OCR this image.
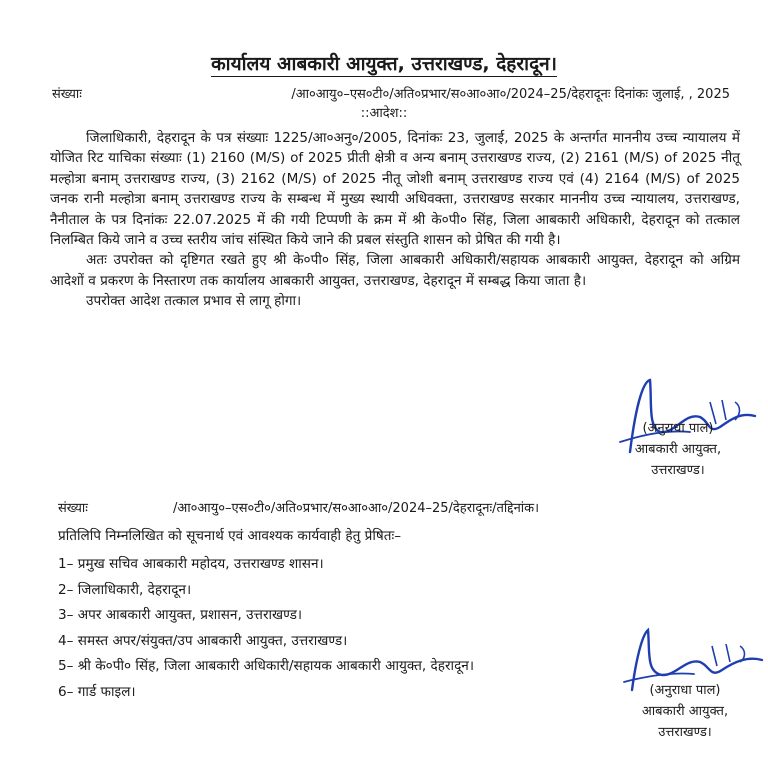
कार्यालय आबकारी आयुक्त, उत्तराखण्ड, देहरादून।
संख्याः	/आ०आयु०–एस०टी०/अति०प्रभार/स०आ०आ०/2024–25/देहरादूनः दिनांकः जुलाई, , 2025
::आदेश::

जिलाधिकारी, देहरादून के पत्र संख्याः 1225/आ०अनु०/2005, दिनांकः 23, जुलाई, 2025 के अन्तर्गत माननीय उच्च न्यायालय में योजित रिट याचिका संख्याः (1) 2160 (M/S) of 2025 प्रीती क्षेत्री व अन्य बनाम् उत्तराखण्ड राज्य, (2) 2161 (M/S) of 2025 नीतू मल्होत्रा बनाम् उत्तराखण्ड राज्य, (3) 2162 (M/S) of 2025 नीतू जोशी बनाम् उत्तराखण्ड राज्य एवं (4) 2164 (M/S) of 2025 जनक रानी मल्होत्रा बनाम् उत्तराखण्ड राज्य के सम्बन्ध में मुख्य स्थायी अधिवक्ता, उत्तराखण्ड सरकार माननीय उच्च न्यायालय, उत्तराखण्ड, नैनीताल के पत्र दिनांकः 22.07.2025 में की गयी टिप्पणी के क्रम में श्री के०पी० सिंह, जिला आबकारी अधिकारी, देहरादून को तत्काल निलम्बित किये जाने व उच्च स्तरीय जांच संस्थित किये जाने की प्रबल संस्तुति शासन को प्रेषित की गयी है।

अतः उपरोक्त को दृष्टिगत रखते हुए श्री के०पी० सिंह, जिला आबकारी अधिकारी/सहायक आबकारी आयुक्त, देहरादून को अग्रिम आदेशों व प्रकरण के निस्तारण तक कार्यालय आबकारी आयुक्त, उत्तराखण्ड, देहरादून में सम्बद्ध किया जाता है।

उपरोक्त आदेश तत्काल प्रभाव से लागू होगा।

(अनुराधा पाल)
आबकारी आयुक्त,
उत्तराखण्ड।
संख्याः	/आ०आयु०–एस०टी०/अति०प्रभार/स०आ०आ०/2024–25/देहरादूनः/तद्दिनांक।
प्रतिलिपि निम्नलिखित को सूचनार्थ एवं आवश्यक कार्यवाही हेतु प्रेषितः–
1– प्रमुख सचिव आबकारी महोदय, उत्तराखण्ड शासन।
2– जिलाधिकारी, देहरादून।
3– अपर आबकारी आयुक्त, प्रशासन, उत्तराखण्ड।
4– समस्त अपर/संयुक्त/उप आबकारी आयुक्त, उत्तराखण्ड।
5– श्री के०पी० सिंह, जिला आबकारी अधिकारी/सहायक आबकारी आयुक्त, देहरादून।
6– गार्ड फाइल।	(अनुराधा पाल)
आबकारी आयुक्त,
उत्तराखण्ड।
